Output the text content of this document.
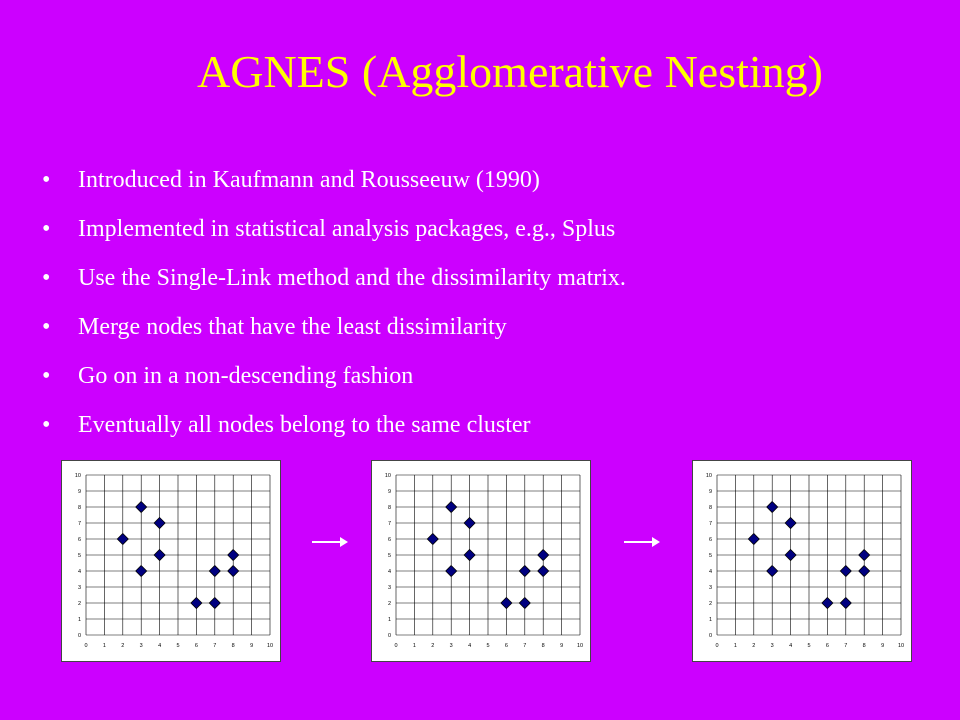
AGNES (Agglomerative Nesting)
• Introduced in Kaufmann and Rousseeuw (1990)
• Implemented in statistical analysis packages, e.g., Splus
• Use the Single-Link method and the dissimilarity matrix.
• Merge nodes that have the least dissimilarity
• Go on in a non-descending fashion
• Eventually all nodes belong to the same cluster
0	1	2	3	4	5	6	7	8	9	10
0
1
2
3
4
5
6
7
8
9
10
0	1	2	3	4	5	6	7	8	9	10
0
1
2
3
4
5
6
7
8
9
10
0	1	2	3	4	5	6	7	8	9	10
0
1
2
3
4
5
6
7
8
9
10
